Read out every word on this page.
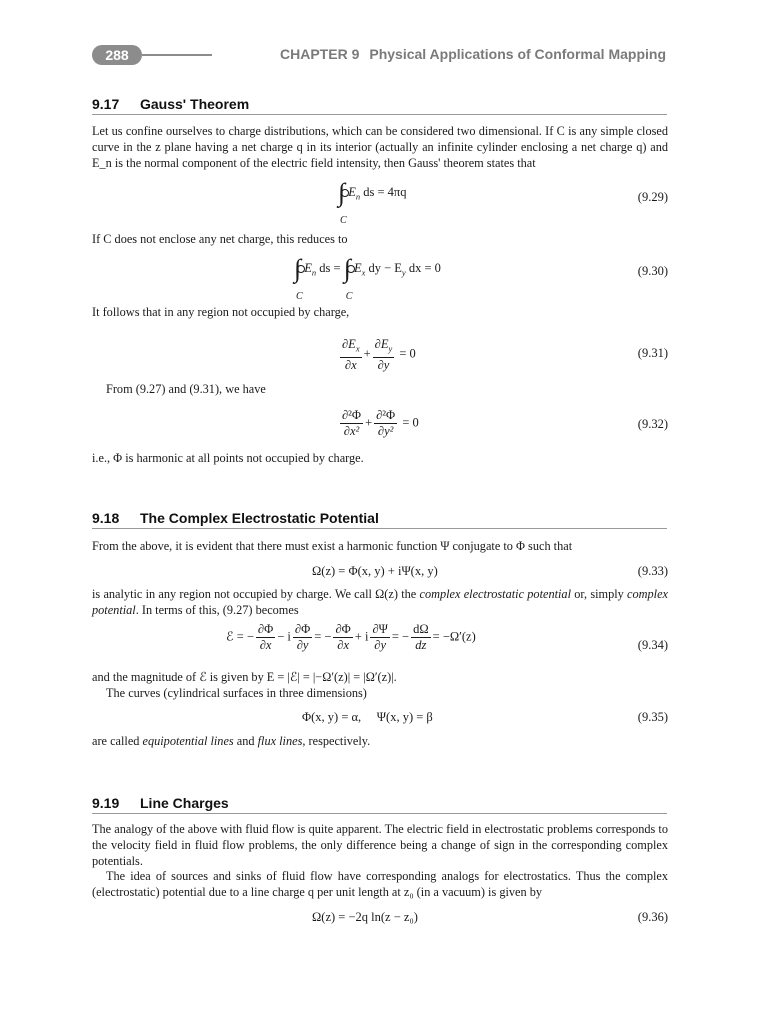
288	CHAPTER 9 Physical Applications of Conformal Mapping
9.17 Gauss' Theorem
Let us confine ourselves to charge distributions, which can be considered two dimensional. If C is any simple closed curve in the z plane having a net charge q in its interior (actually an infinite cylinder enclosing a net charge q) and E_n is the normal component of the electric field intensity, then Gauss' theorem states that
∫
C
$E_n$ ds = 4πq	(9.29)
If C does not enclose any net charge, this reduces to
∫
C
$E_n$ ds = ∫
C
$E_x$ dy − $E_y$ dx = 0	(9.30)
It follows that in any region not occupied by charge,
$\frac{\partial E_x}{\partial x} + \frac{\partial E_y}{\partial y} = 0$	(9.31)
From (9.27) and (9.31), we have
$\frac{\text{∂²Φ}}{\text{∂x²}} + \frac{\text{∂²Φ}}{\text{∂y²}} = 0$	(9.32)
i.e., Φ is harmonic at all points not occupied by charge.
9.18 The Complex Electrostatic Potential
From the above, it is evident that there must exist a harmonic function Ψ conjugate to Φ such that
Ω(z) = Φ(x, y) + iΨ(x, y)	(9.33)
is analytic in any region not occupied by charge. We call Ω(z) the complex electrostatic potential or, simply complex potential. In terms of this, (9.27) becomes
ℰ = − $\frac{\partial\Phi}{\partial x} - i \frac{\partial\Phi}{\partial y}$ = − $\frac{\partial\Phi}{\partial x} + i \frac{\partial\Psi}{\partial y}$ = − $\frac{d\Omega}{dz} = -\Omega'(z)$
(9.34)
and the magnitude of ℰ is given by E = |ℰ| = |−Ω′(z)| = |Ω′(z)|.
The curves (cylindrical surfaces in three dimensions)
Φ(x, y) = α,     Ψ(x, y) = β	(9.35)
are called equipotential lines and flux lines, respectively.
9.19 Line Charges
The analogy of the above with fluid flow is quite apparent. The electric field in electrostatic problems corresponds to the velocity field in fluid flow problems, the only difference being a change of sign in the corresponding complex potentials.
The idea of sources and sinks of fluid flow have corresponding analogs for electrostatics. Thus the complex (electrostatic) potential due to a line charge q per unit length at z₀ (in a vacuum) is given by
Ω(z) = −2q ln(z − z₀)	(9.36)
